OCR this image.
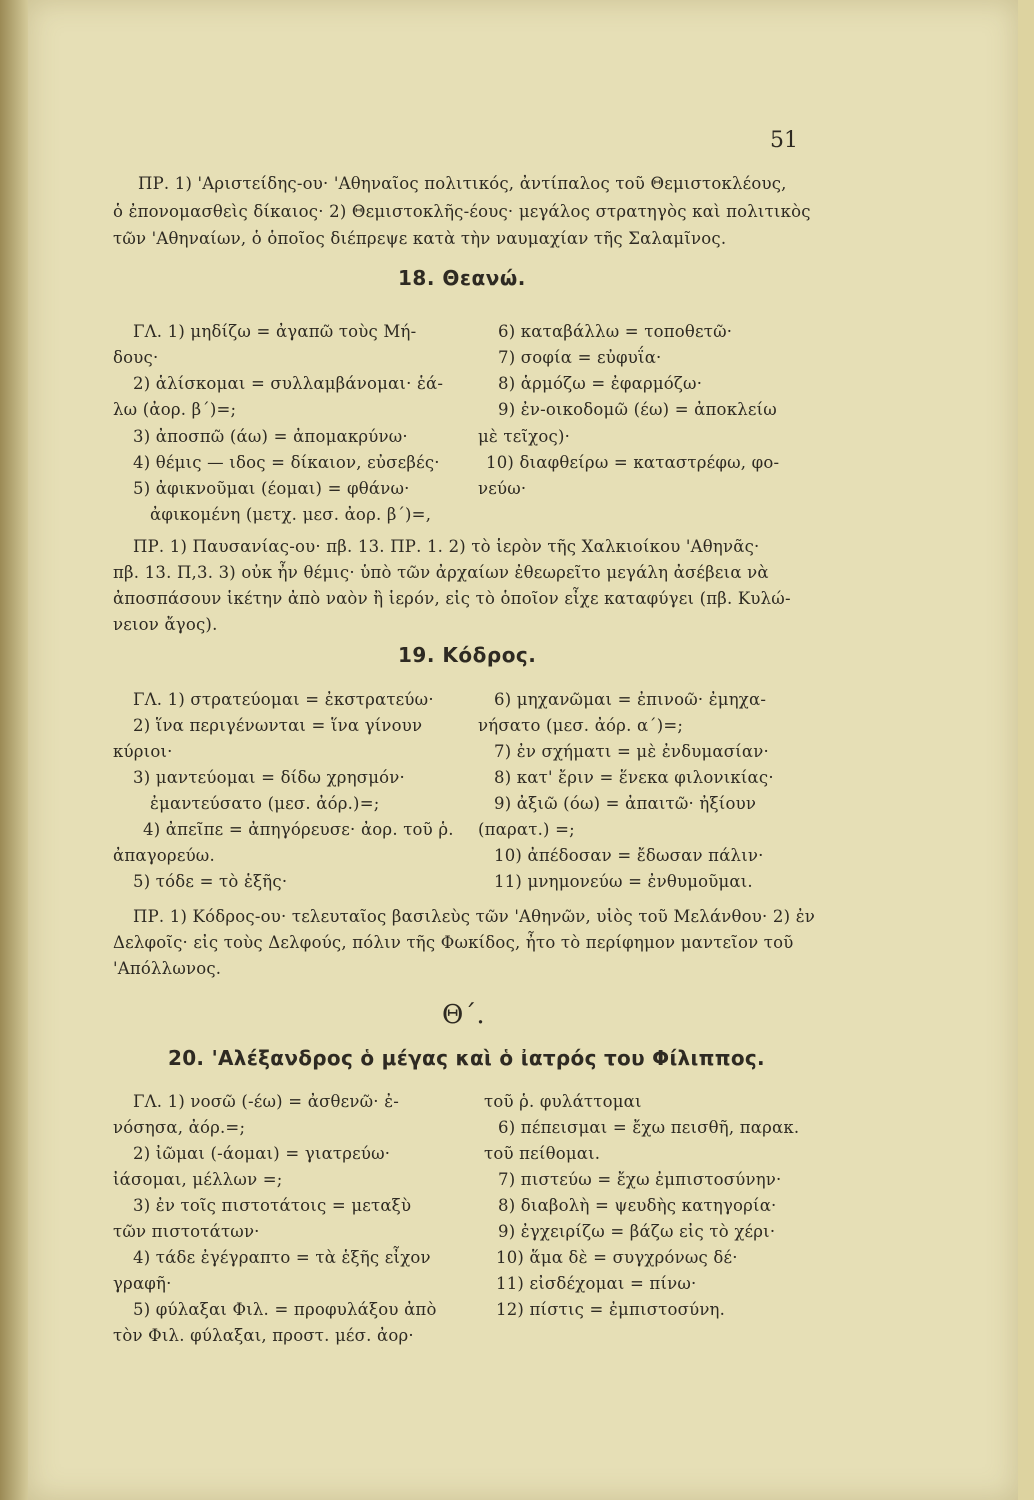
51
ΠΡ. 1) 'Αριστείδης-ου· 'Αθηναῖος πολιτικός, ἀντίπαλος τοῦ Θεμιστοκλέους,
ὁ ἐπονομασθεὶς δίκαιος· 2) Θεμιστοκλῆς-έους· μεγάλος στρατηγὸς καὶ πολιτικὸς
τῶν 'Αθηναίων, ὁ ὁποῖος διέπρεψε κατὰ τὴν ναυμαχίαν τῆς Σαλαμῖνος.
18. Θεανώ.
ΓΛ. 1) μηδίζω = ἀγαπῶ τοὺς Μή-
δους·
2) ἁλίσκομαι = συλλαμβάνομαι· ἑά-
λω (ἀορ. β΄)=;
3) ἀποσπῶ (άω) = ἀπομακρύνω·
4) θέμις — ιδος = δίκαιον, εὐσεβές·
5) ἀφικνοῦμαι (έομαι) = φθάνω·
ἀφικομένη (μετχ. μεσ. ἀορ. β΄)=,
6) καταβάλλω = τοποθετῶ·
7) σοφία = εὐφυΐα·
8) ἁρμόζω = ἐφαρμόζω·
9) ἐν-οικοδομῶ (έω) = ἀποκλείω
μὲ τεῖχος)·
10) διαφθείρω = καταστρέφω, φο-
νεύω·
ΠΡ. 1) Παυσανίας-ου· πβ. 13. ΠΡ. 1. 2) τὸ ἱερὸν τῆς Χαλκιοίκου 'Αθηνᾶς·
πβ. 13. Π,3. 3) οὐκ ἦν θέμις· ὑπὸ τῶν ἀρχαίων ἐθεωρεῖτο μεγάλη ἀσέβεια νὰ
ἀποσπάσουν ἱκέτην ἀπὸ ναὸν ἢ ἱερόν, εἰς τὸ ὁποῖον εἶχε καταφύγει (πβ. Κυλώ-
νειον ἄγος).
19. Κόδρος.
ΓΛ. 1) στρατεύομαι = ἐκστρατεύω·
2) ἵνα περιγένωνται = ἵνα γίνουν
κύριοι·
3) μαντεύομαι = δίδω χρησμόν·
ἐμαντεύσατο (μεσ. ἀόρ.)=;
4) ἀπεῖπε = ἀπηγόρευσε· ἀορ. τοῦ ῥ.
ἀπαγορεύω.
5) τόδε = τὸ ἑξῆς·
6) μηχανῶμαι = ἐπινοῶ· ἐμηχα-
νήσατο (μεσ. ἀόρ. α΄)=;
7) ἐν σχήματι = μὲ ἐνδυμασίαν·
8) κατ' ἔριν = ἕνεκα φιλονικίας·
9) ἀξιῶ (όω) = ἀπαιτῶ· ἠξίουν
(παρατ.) =;
10) ἀπέδοσαν = ἔδωσαν πάλιν·
11) μνημονεύω = ἐνθυμοῦμαι.
ΠΡ. 1) Κόδρος-ου· τελευταῖος βασιλεὺς τῶν 'Αθηνῶν, υἱὸς τοῦ Μελάνθου· 2) ἐν
Δελφοῖς· εἰς τοὺς Δελφούς, πόλιν τῆς Φωκίδος, ἦτο τὸ περίφημον μαντεῖον τοῦ
'Απόλλωνος.
Θ΄.
20. 'Αλέξανδρος ὁ μέγας καὶ ὁ ἰατρός του Φίλιππος.
ΓΛ. 1) νοσῶ (-έω) = ἀσθενῶ· ἐ-
νόσησα, ἀόρ.=;
2) ἰῶμαι (-άομαι) = γιατρεύω·
ἰάσομαι, μέλλων =;
3) ἐν τοῖς πιστοτάτοις = μεταξὺ
τῶν πιστοτάτων·
4) τάδε ἐγέγραπτο = τὰ ἑξῆς εἶχον
γραφῆ·
5) φύλαξαι Φιλ. = προφυλάξου ἀπὸ
τὸν Φιλ. φύλαξαι, προστ. μέσ. ἀορ·
τοῦ ῥ. φυλάττομαι
6) πέπεισμαι = ἔχω πεισθῆ, παρακ.
τοῦ πείθομαι.
7) πιστεύω = ἔχω ἐμπιστοσύνην·
8) διαβολὴ = ψευδὴς κατηγορία·
9) ἐγχειρίζω = βάζω εἰς τὸ χέρι·
10) ἅμα δὲ = συγχρόνως δέ·
11) εἰσδέχομαι = πίνω·
12) πίστις = ἐμπιστοσύνη.
